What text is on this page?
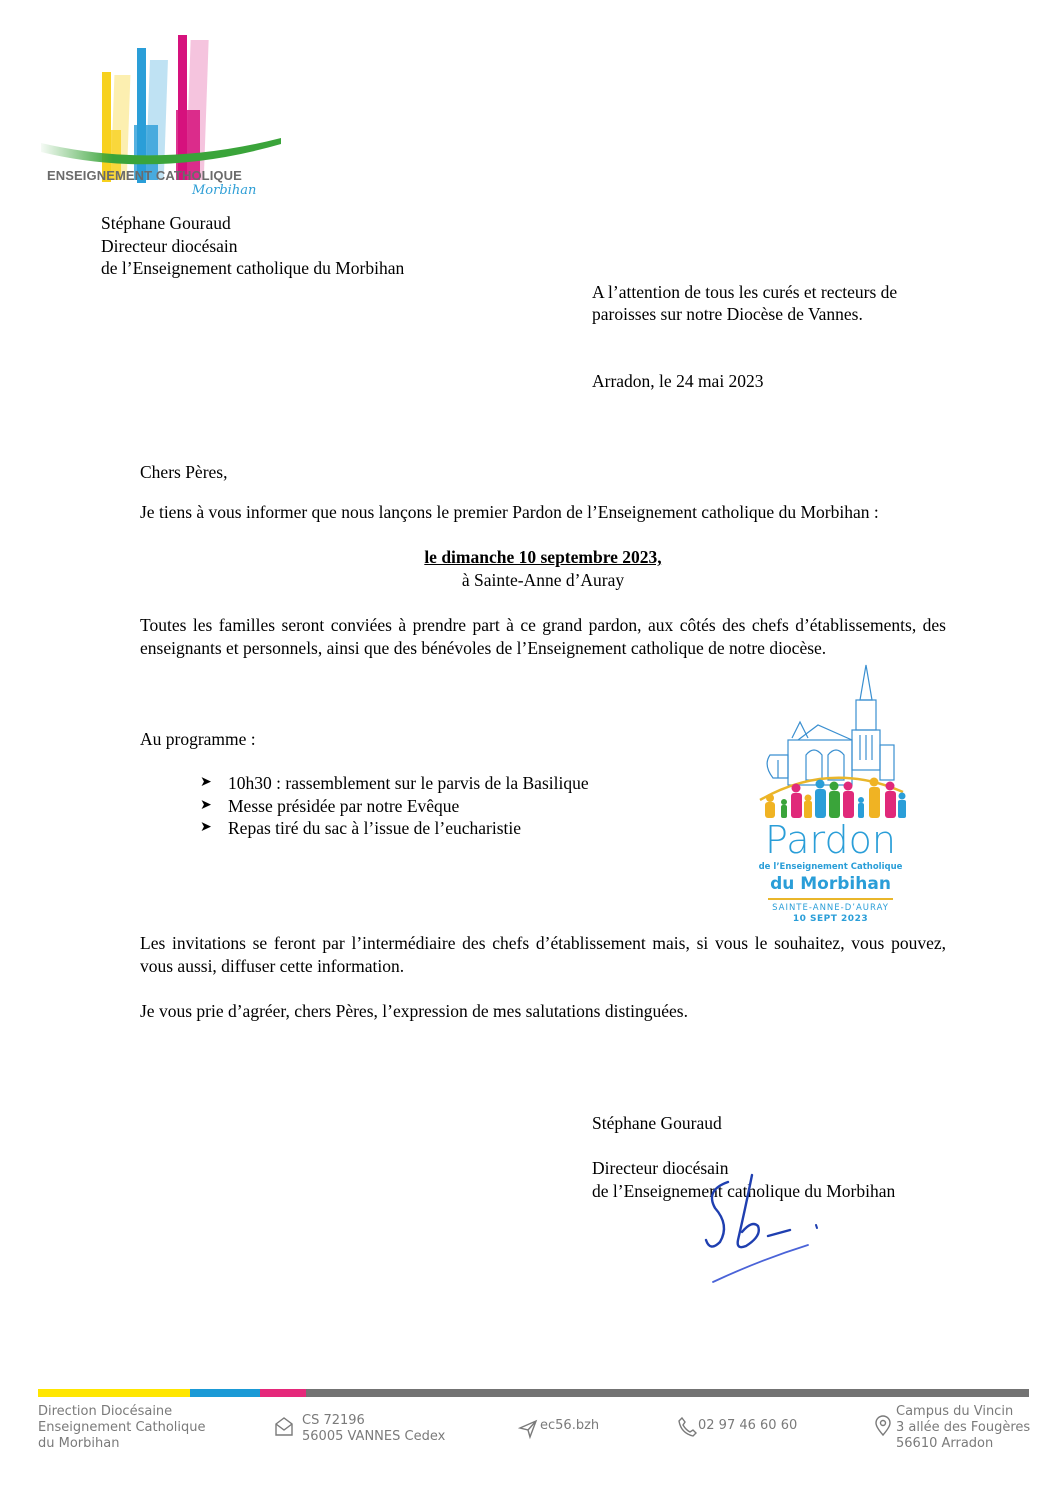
ENSEIGNEMENT CATHOLIQUE
Morbihan
Stéphane Gouraud
Directeur diocésain
de l’Enseignement catholique du Morbihan
A l’attention de tous les curés et recteurs de
paroisses sur notre Diocèse de Vannes.
Arradon, le 24 mai 2023
Chers Pères,
Je tiens à vous informer que nous lançons le premier Pardon de l’Enseignement catholique du Morbihan :
le dimanche 10 septembre 2023,
à Sainte-Anne d’Auray
Toutes les familles seront conviées à prendre part à ce grand pardon, aux côtés des chefs d’établissements, des enseignants et personnels, ainsi que des bénévoles de l’Enseignement catholique de notre diocèse.
Au programme :
➤ 10h30 : rassemblement sur le parvis de la Basilique
➤ Messe présidée par notre Evêque
➤ Repas tiré du sac à l’issue de l’eucharistie	Pardon
de l’Enseignement Catholique
du Morbihan
SAINTE-ANNE-D’AURAY
10 SEPT 2023
Les invitations se feront par l’intermédiaire des chefs d’établissement mais, si vous le souhaitez, vous pouvez, vous aussi, diffuser cette information.
Je vous prie d’agréer, chers Pères, l’expression de mes salutations distinguées.
Stéphane Gouraud
Directeur diocésain
de l’Enseignement catholique du Morbihan
Direction Diocésaine
Enseignement Catholique
du Morbihan
CS 72196
56005 VANNES Cedex
ec56.bzh	02 97 46 60 60
Campus du Vincin
3 allée des Fougères
56610 Arradon
